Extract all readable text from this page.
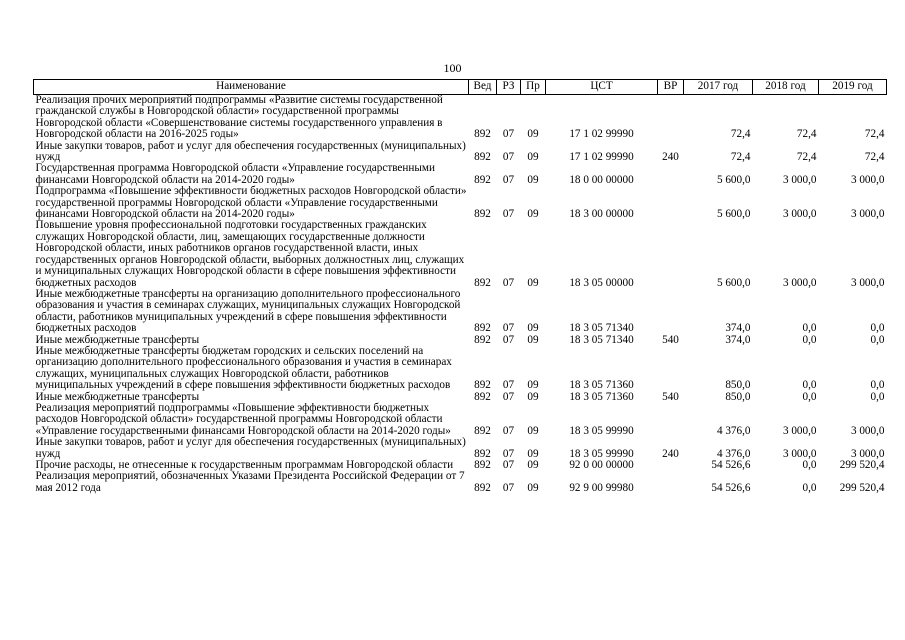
100
Наименование	Вед	РЗ	Пр	ЦСТ	ВР	2017 год	2018 год	2019 год
Реализация прочих мероприятий подпрограммы «Развитие системы государственной гражданской службы в Новгородской области» государственной программы Новгородской области «Совершенствование системы государственного управления в Новгородской области на 2016-2025 годы»	892	07	09	17 1 02 99990		72,4	72,4	72,4
Иные закупки товаров, работ и услуг для обеспечения государственных (муниципальных) нужд	892	07	09	17 1 02 99990	240	72,4	72,4	72,4
Государственная программа Новгородской области «Управление государственными финансами Новгородской области на 2014-2020 годы»	892	07	09	18 0 00 00000		5 600,0	3 000,0	3 000,0
Подпрограмма «Повышение эффективности бюджетных расходов Новгородской области» государственной программы Новгородской области «Управление государственными финансами Новгородской области на 2014-2020 годы»	892	07	09	18 3 00 00000		5 600,0	3 000,0	3 000,0
Повышение уровня профессиональной подготовки государственных гражданских служащих Новгородской области, лиц, замещающих государственные должности Новгородской области, иных работников органов государственной власти, иных государственных органов Новгородской области, выборных должностных лиц, служащих и муниципальных служащих Новгородской области в сфере повышения эффективности бюджетных расходов	892	07	09	18 3 05 00000		5 600,0	3 000,0	3 000,0
Иные межбюджетные трансферты на организацию дополнительного профессионального образования и участия в семинарах служащих, муниципальных служащих Новгородской области, работников муниципальных учреждений в сфере повышения эффективности бюджетных расходов	892	07	09	18 3 05 71340		374,0	0,0	0,0
Иные межбюджетные трансферты	892	07	09	18 3 05 71340	540	374,0	0,0	0,0
Иные межбюджетные трансферты бюджетам городских и сельских поселений на организацию дополнительного профессионального образования и участия в семинарах служащих, муниципальных служащих Новгородской области, работников муниципальных учреждений в сфере повышения эффективности бюджетных расходов	892	07	09	18 3 05 71360		850,0	0,0	0,0
Иные межбюджетные трансферты	892	07	09	18 3 05 71360	540	850,0	0,0	0,0
Реализация мероприятий подпрограммы «Повышение эффективности бюджетных расходов Новгородской области» государственной программы Новгородской области «Управление государственными финансами Новгородской области на 2014-2020 годы»	892	07	09	18 3 05 99990		4 376,0	3 000,0	3 000,0
Иные закупки товаров, работ и услуг для обеспечения государственных (муниципальных) нужд	892	07	09	18 3 05 99990	240	4 376,0	3 000,0	3 000,0
Прочие расходы, не отнесенные к государственным программам Новгородской области	892	07	09	92 0 00 00000		54 526,6	0,0	299 520,4
Реализация мероприятий, обозначенных Указами Президента Российской Федерации от 7 мая 2012 года	892	07	09	92 9 00 99980		54 526,6	0,0	299 520,4
